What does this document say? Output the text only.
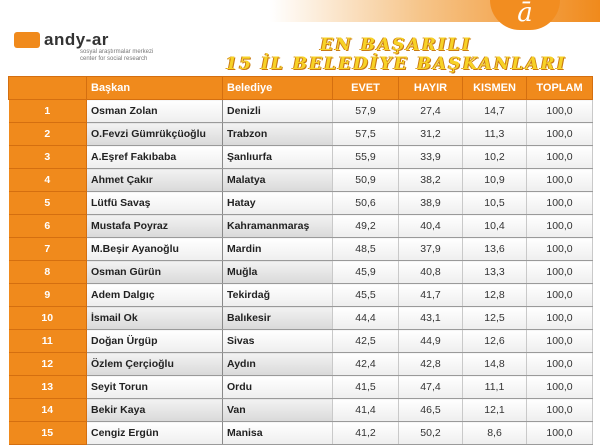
ā
andy-ar
sosyal araştırmalar merkezi
center for social research
EN BAŞARILI
15 İL BELEDİYE BAŞKANLARI
	Başkan	Belediye	EVET	HAYIR	KISMEN	TOPLAM
1	Osman Zolan	Denizli	57,9	27,4	14,7	100,0
2	O.Fevzi Gümrükçüoğlu	Trabzon	57,5	31,2	11,3	100,0
3	A.Eşref Fakıbaba	Şanlıurfa	55,9	33,9	10,2	100,0
4	Ahmet Çakır	Malatya	50,9	38,2	10,9	100,0
5	Lütfü Savaş	Hatay	50,6	38,9	10,5	100,0
6	Mustafa Poyraz	Kahramanmaraş	49,2	40,4	10,4	100,0
7	M.Beşir Ayanoğlu	Mardin	48,5	37,9	13,6	100,0
8	Osman Gürün	Muğla	45,9	40,8	13,3	100,0
9	Adem Dalgıç	Tekirdağ	45,5	41,7	12,8	100,0
10	İsmail Ok	Balıkesir	44,4	43,1	12,5	100,0
11	Doğan Ürgüp	Sivas	42,5	44,9	12,6	100,0
12	Özlem Çerçioğlu	Aydın	42,4	42,8	14,8	100,0
13	Seyit Torun	Ordu	41,5	47,4	11,1	100,0
14	Bekir Kaya	Van	41,4	46,5	12,1	100,0
15	Cengiz Ergün	Manisa	41,2	50,2	8,6	100,0
